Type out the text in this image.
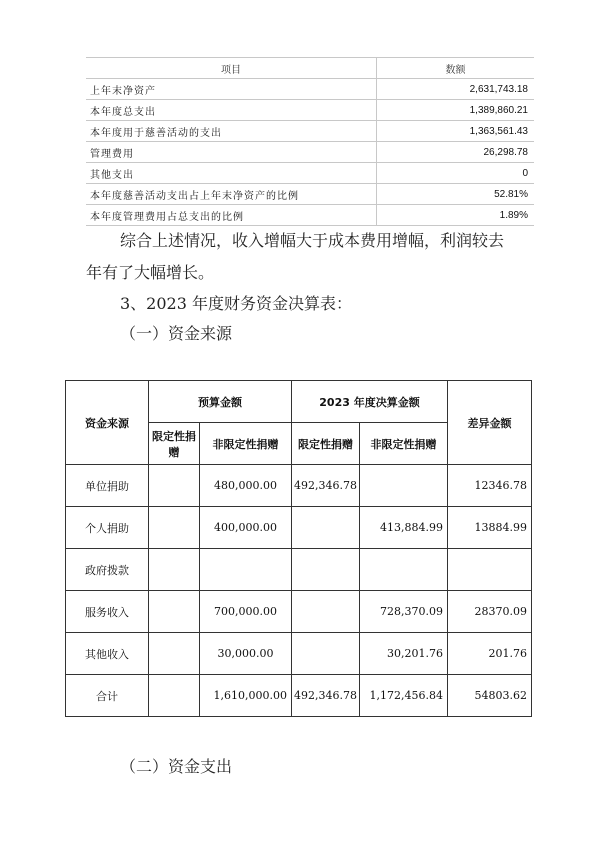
项目	数额
上年末净资产	2,631,743.18
本年度总支出	1,389,860.21
本年度用于慈善活动的支出	1,363,561.43
管理费用	26,298.78
其他支出	0
本年度慈善活动支出占上年末净资产的比例	52.81%
本年度管理费用占总支出的比例	1.89%

综合上述情况，收入增幅大于成本费用增幅，利润较去

年有了大幅增长。

3、2023 年度财务资金决算表：

（一）资金来源

资金来源	预算金额		2023 年度决算金额		差异金额
	限定性捐赠	非限定性捐赠	限定性捐赠	非限定性捐赠	
单位捐助		480,000.00	492,346.78		12346.78
个人捐助		400,000.00		413,884.99	13884.99
政府拨款					
服务收入		700,000.00		728,370.09	28370.09
其他收入		30,000.00		30,201.76	201.76
合计		1,610,000.00	492,346.78	1,172,456.84	54803.62

（二）资金支出
